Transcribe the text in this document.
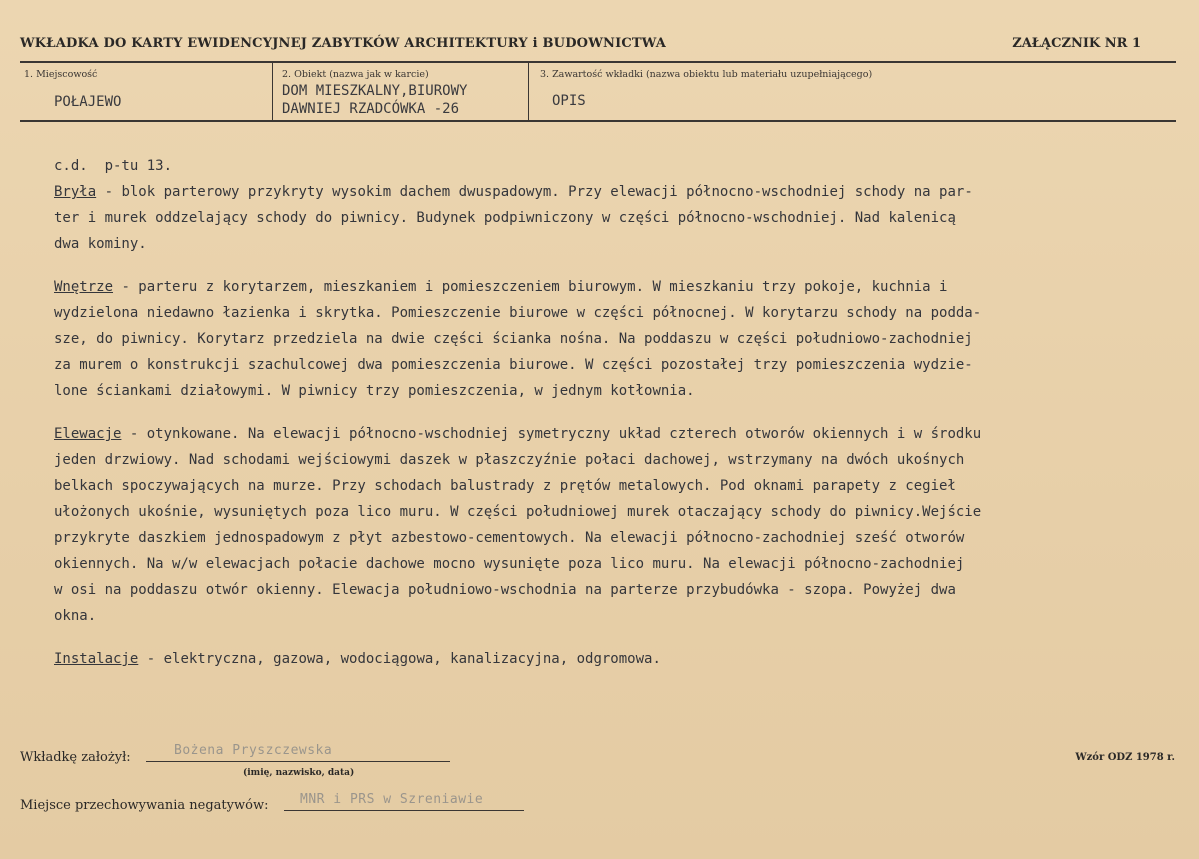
WKŁADKA DO KARTY EWIDENCYJNEJ ZABYTKÓW ARCHITEKTURY i BUDOWNICTWA	ZAŁĄCZNIK NR 1
1. Miejscowość
POŁAJEWO
2. Obiekt (nazwa jak w karcie)
DOM MIESZKALNY,BIUROWY
DAWNIEJ RZADCÓWKA -26
3. Zawartość wkładki (nazwa obiektu lub materiału uzupełniającego)
OPIS

c.d.  p-tu 13.

Bryła - blok parterowy przykryty wysokim dachem dwuspadowym. Przy elewacji północno-wschodniej schody na par-
ter i murek oddzelający schody do piwnicy. Budynek podpiwniczony w części północno-wschodniej. Nad kalenicą
dwa kominy.

Wnętrze - parteru z korytarzem, mieszkaniem i pomieszczeniem biurowym. W mieszkaniu trzy pokoje, kuchnia i
wydzielona niedawno łazienka i skrytka. Pomieszczenie biurowe w części północnej. W korytarzu schody na podda-
sze, do piwnicy. Korytarz przedziela na dwie części ścianka nośna. Na poddaszu w części południowo-zachodniej
za murem o konstrukcji szachulcowej dwa pomieszczenia biurowe. W części pozostałej trzy pomieszczenia wydzie-
lone ściankami działowymi. W piwnicy trzy pomieszczenia, w jednym kotłownia.

Elewacje - otynkowane. Na elewacji północno-wschodniej symetryczny układ czterech otworów okiennych i w środku
jeden drzwiowy. Nad schodami wejściowymi daszek w płaszczyźnie połaci dachowej, wstrzymany na dwóch ukośnych
belkach spoczywających na murze. Przy schodach balustrady z prętów metalowych. Pod oknami parapety z cegieł
ułożonych ukośnie, wysuniętych poza lico muru. W części południowej murek otaczający schody do piwnicy.Wejście
przykryte daszkiem jednospadowym z płyt azbestowo-cementowych. Na elewacji północno-zachodniej sześć otworów
okiennych. Na w/w elewacjach połacie dachowe mocno wysunięte poza lico muru. Na elewacji północno-zachodniej
w osi na poddaszu otwór okienny. Elewacja południowo-wschodnia na parterze przybudówka - szopa. Powyżej dwa
okna.

Instalacje - elektryczna, gazowa, wodociągowa, kanalizacyjna, odgromowa.

Wkładkę założył:	Bożena Pryszczewska
(imię, nazwisko, data)
Wzór ODZ 1978 r.
Miejsce przechowywania negatywów: MNR i PRS w Szreniawie
